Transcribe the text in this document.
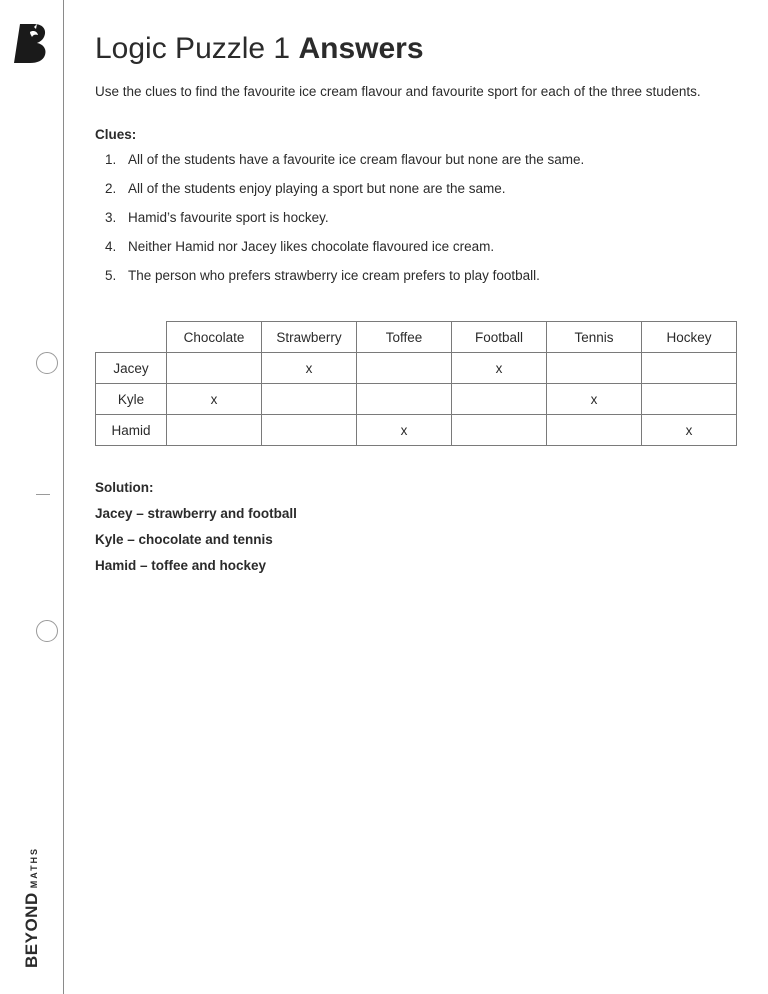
BEYONDMATHS
Logic Puzzle 1 Answers

Use the clues to find the favourite ice cream flavour and favourite sport for each of the three students.

Clues:
1. All of the students have a favourite ice cream flavour but none are the same.
2. All of the students enjoy playing a sport but none are the same.
3. Hamid’s favourite sport is hockey.
4. Neither Hamid nor Jacey likes chocolate flavoured ice cream.
5. The person who prefers strawberry ice cream prefers to play football.
	Chocolate	Strawberry	Toffee	Football	Tennis	Hockey
Jacey		x		x		
Kyle	x				x	
Hamid			x			x
Solution:
Jacey – strawberry and football
Kyle – chocolate and tennis
Hamid – toffee and hockey
